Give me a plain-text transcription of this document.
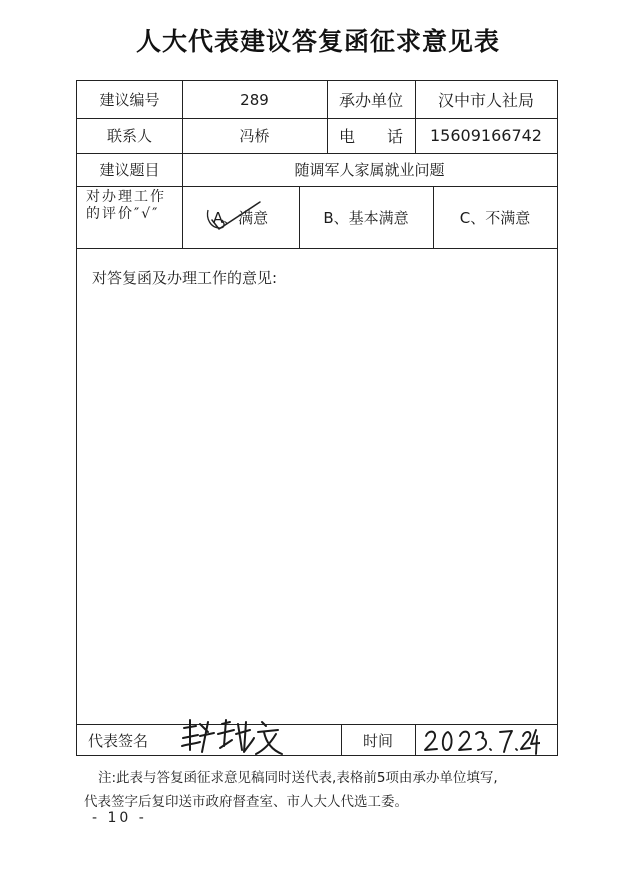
人大代表建议答复函征求意见表
建议编号	289	承办单位	汉中市人社局
联系人	冯桥	电　　话	15609166742
建议题目	随调军人家属就业问题
对办理工作的评价″√″	A、满意	B、基本满意	C、不满意
对答复函及办理工作的意见:
代表签名	时间
注:此表与答复函征求意见稿同时送代表,表格前5项由承办单位填写,
代表签字后复印送市政府督查室、市人大人代选工委。
- 10 -
